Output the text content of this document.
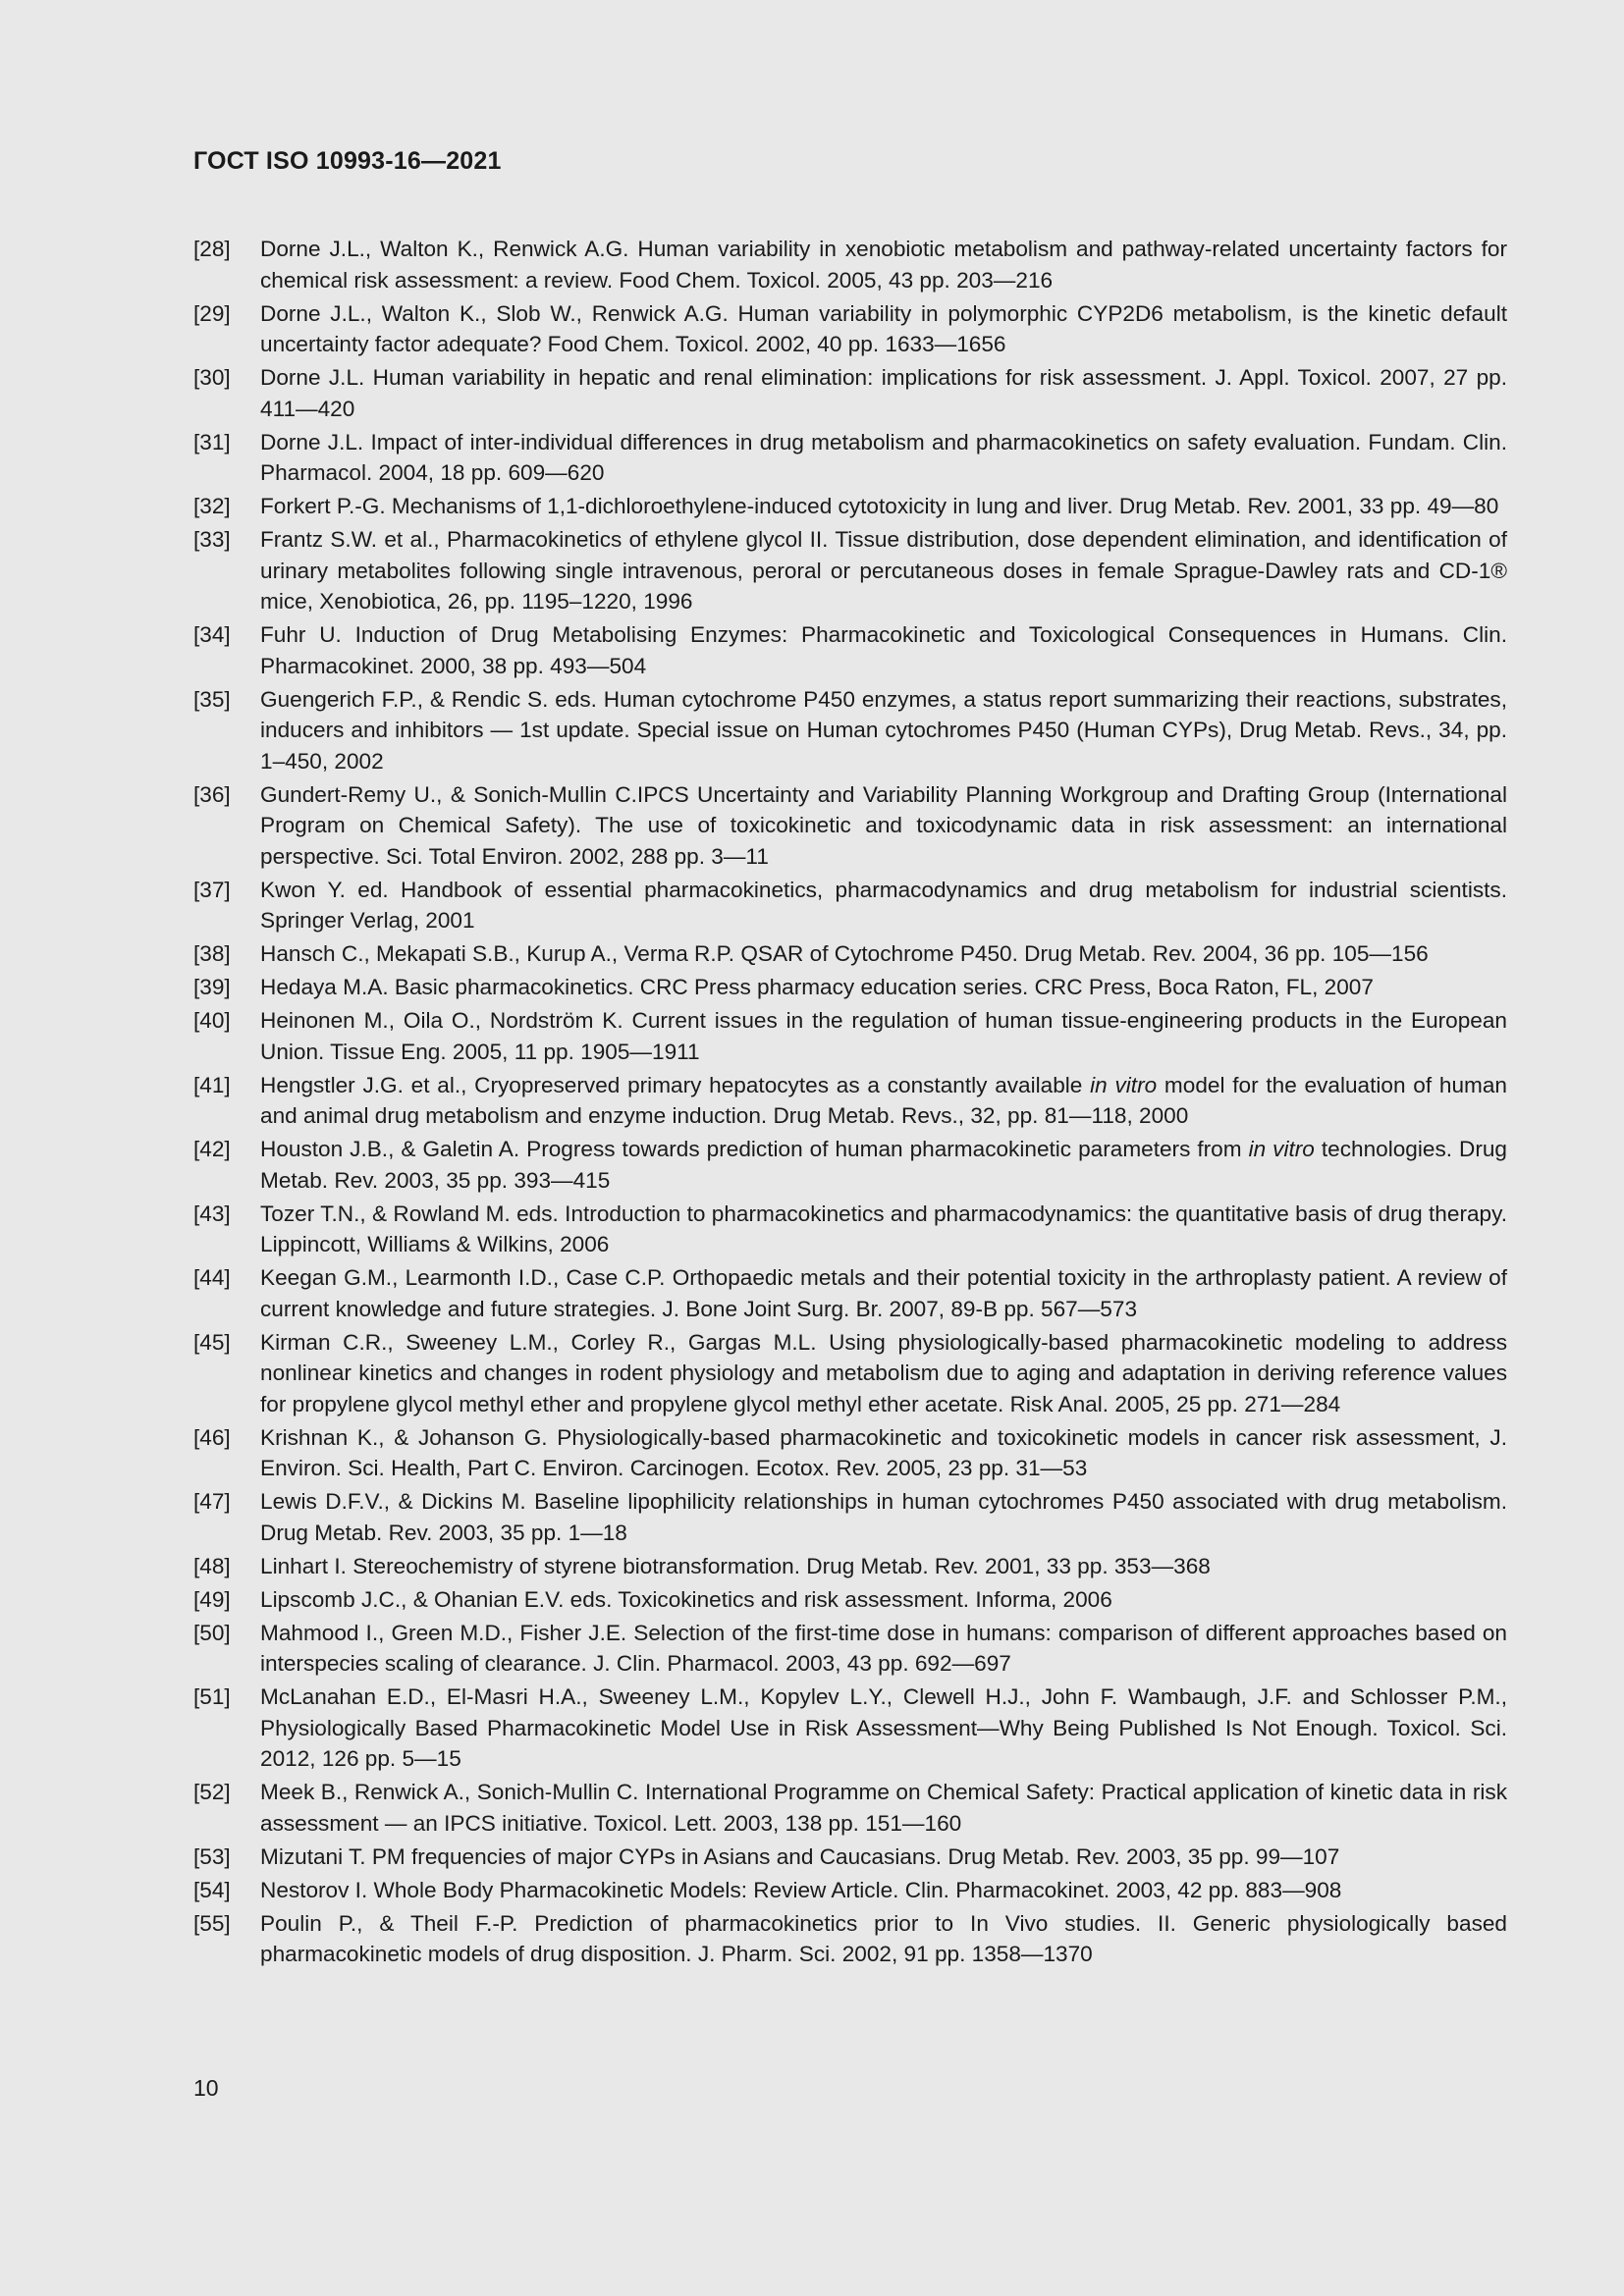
ГОСТ ISO 10993-16—2021
[28]	Dorne J.L., Walton K., Renwick A.G. Human variability in xenobiotic metabolism and pathway-related uncertainty factors for chemical risk assessment: a review. Food Chem. Toxicol. 2005, 43 pp. 203—216
[29]	Dorne J.L., Walton K., Slob W., Renwick A.G. Human variability in polymorphic CYP2D6 metabolism, is the kinetic default uncertainty factor adequate? Food Chem. Toxicol. 2002, 40 pp. 1633—1656
[30]	Dorne J.L. Human variability in hepatic and renal elimination: implications for risk assessment. J. Appl. Toxicol. 2007, 27 pp. 411—420
[31]	Dorne J.L. Impact of inter-individual differences in drug metabolism and pharmacokinetics on safety evaluation. Fundam. Clin. Pharmacol. 2004, 18 pp. 609—620
[32]	Forkert P.-G. Mechanisms of 1,1-dichloroethylene-induced cytotoxicity in lung and liver. Drug Metab. Rev. 2001, 33 pp. 49—80
[33]	Frantz S.W. et al., Pharmacokinetics of ethylene glycol II. Tissue distribution, dose dependent elimination, and identification of urinary metabolites following single intravenous, peroral or percutaneous doses in female Sprague-Dawley rats and CD-1® mice, Xenobiotica, 26, pp. 1195–1220, 1996
[34]	Fuhr U. Induction of Drug Metabolising Enzymes: Pharmacokinetic and Toxicological Consequences in Humans. Clin. Pharmacokinet. 2000, 38 pp. 493—504
[35]	Guengerich F.P., & Rendic S. eds. Human cytochrome P450 enzymes, a status report summarizing their reactions, substrates, inducers and inhibitors — 1st update. Special issue on Human cytochromes P450 (Human CYPs), Drug Metab. Revs., 34, pp. 1–450, 2002
[36]	Gundert-Remy U., & Sonich-Mullin C.IPCS Uncertainty and Variability Planning Workgroup and Drafting Group (International Program on Chemical Safety). The use of toxicokinetic and toxicodynamic data in risk assessment: an international perspective. Sci. Total Environ. 2002, 288 pp. 3—11
[37]	Kwon Y. ed. Handbook of essential pharmacokinetics, pharmacodynamics and drug metabolism for industrial scientists. Springer Verlag, 2001
[38]	Hansch C., Mekapati S.B., Kurup A., Verma R.P. QSAR of Cytochrome P450. Drug Metab. Rev. 2004, 36 pp. 105—156
[39]	Hedaya M.A. Basic pharmacokinetics. CRC Press pharmacy education series. CRC Press, Boca Raton, FL, 2007
[40]	Heinonen M., Oila O., Nordström K. Current issues in the regulation of human tissue-engineering products in the European Union. Tissue Eng. 2005, 11 pp. 1905—1911
[41]	Hengstler J.G. et al., Cryopreserved primary hepatocytes as a constantly available in vitro model for the evaluation of human and animal drug metabolism and enzyme induction. Drug Metab. Revs., 32, pp. 81—118, 2000
[42]	Houston J.B., & Galetin A. Progress towards prediction of human pharmacokinetic parameters from in vitro technologies. Drug Metab. Rev. 2003, 35 pp. 393—415
[43]	Tozer T.N., & Rowland M. eds. Introduction to pharmacokinetics and pharmacodynamics: the quantitative basis of drug therapy. Lippincott, Williams & Wilkins, 2006
[44]	Keegan G.M., Learmonth I.D., Case C.P. Orthopaedic metals and their potential toxicity in the arthroplasty patient. A review of current knowledge and future strategies. J. Bone Joint Surg. Br. 2007, 89-B pp. 567—573
[45]	Kirman C.R., Sweeney L.M., Corley R., Gargas M.L. Using physiologically-based pharmacokinetic modeling to address nonlinear kinetics and changes in rodent physiology and metabolism due to aging and adaptation in deriving reference values for propylene glycol methyl ether and propylene glycol methyl ether acetate. Risk Anal. 2005, 25 pp. 271—284
[46]	Krishnan K., & Johanson G. Physiologically-based pharmacokinetic and toxicokinetic models in cancer risk assessment, J. Environ. Sci. Health, Part C. Environ. Carcinogen. Ecotox. Rev. 2005, 23 pp. 31—53
[47]	Lewis D.F.V., & Dickins M. Baseline lipophilicity relationships in human cytochromes P450 associated with drug metabolism. Drug Metab. Rev. 2003, 35 pp. 1—18
[48]	Linhart I. Stereochemistry of styrene biotransformation. Drug Metab. Rev. 2001, 33 pp. 353—368
[49]	Lipscomb J.C., & Ohanian E.V. eds. Toxicokinetics and risk assessment. Informa, 2006
[50]	Mahmood I., Green M.D., Fisher J.E. Selection of the first-time dose in humans: comparison of different approaches based on interspecies scaling of clearance. J. Clin. Pharmacol. 2003, 43 pp. 692—697
[51]	McLanahan E.D., El-Masri H.A., Sweeney L.M., Kopylev L.Y., Clewell H.J., John F. Wambaugh, J.F. and Schlosser P.M., Physiologically Based Pharmacokinetic Model Use in Risk Assessment—Why Being Published Is Not Enough. Toxicol. Sci. 2012, 126 pp. 5—15
[52]	Meek B., Renwick A., Sonich-Mullin C. International Programme on Chemical Safety: Practical application of kinetic data in risk assessment — an IPCS initiative. Toxicol. Lett. 2003, 138 pp. 151—160
[53]	Mizutani T. PM frequencies of major CYPs in Asians and Caucasians. Drug Metab. Rev. 2003, 35 pp. 99—107
[54]	Nestorov I. Whole Body Pharmacokinetic Models: Review Article. Clin. Pharmacokinet. 2003, 42 pp. 883—908
[55]	Poulin P., & Theil F.-P. Prediction of pharmacokinetics prior to In Vivo studies. II. Generic physiologically based pharmacokinetic models of drug disposition. J. Pharm. Sci. 2002, 91 pp. 1358—1370
10
